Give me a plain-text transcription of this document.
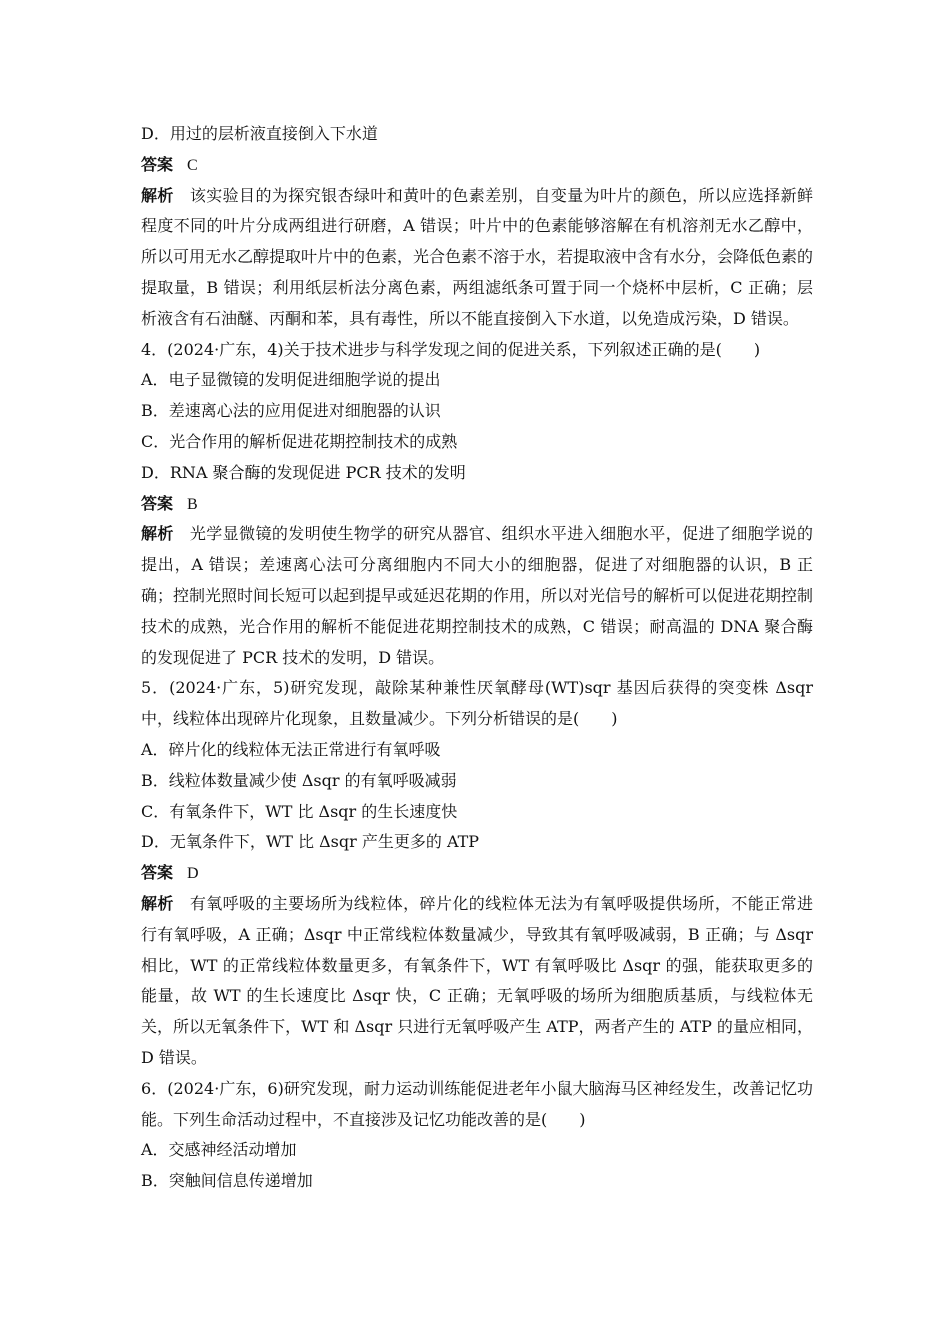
D．用过的层析液直接倒入下水道
答案 C
解析 该实验目的为探究银杏绿叶和黄叶的色素差别，自变量为叶片的颜色，所以应选择新鲜程度不同的叶片分成两组进行研磨，A 错误；叶片中的色素能够溶解在有机溶剂无水乙醇中，所以可用无水乙醇提取叶片中的色素，光合色素不溶于水，若提取液中含有水分，会降低色素的提取量，B 错误；利用纸层析法分离色素，两组滤纸条可置于同一个烧杯中层析，C 正确；层析液含有石油醚、丙酮和苯，具有毒性，所以不能直接倒入下水道，以免造成污染，D 错误。
4．(2024·广东，4)关于技术进步与科学发现之间的促进关系，下列叙述正确的是(　　)
A．电子显微镜的发明促进细胞学说的提出
B．差速离心法的应用促进对细胞器的认识
C．光合作用的解析促进花期控制技术的成熟
D．RNA 聚合酶的发现促进 PCR 技术的发明
答案 B
解析 光学显微镜的发明使生物学的研究从器官、组织水平进入细胞水平，促进了细胞学说的提出，A 错误；差速离心法可分离细胞内不同大小的细胞器，促进了对细胞器的认识，B 正确；控制光照时间长短可以起到提早或延迟花期的作用，所以对光信号的解析可以促进花期控制技术的成熟，光合作用的解析不能促进花期控制技术的成熟，C 错误；耐高温的 DNA 聚合酶的发现促进了 PCR 技术的发明，D 错误。
5．(2024·广东，5)研究发现，敲除某种兼性厌氧酵母(WT)sqr 基因后获得的突变株 Δsqr 中，线粒体出现碎片化现象，且数量减少。下列分析错误的是(　　)
A．碎片化的线粒体无法正常进行有氧呼吸
B．线粒体数量减少使 Δsqr 的有氧呼吸减弱
C．有氧条件下，WT 比 Δsqr 的生长速度快
D．无氧条件下，WT 比 Δsqr 产生更多的 ATP
答案 D
解析 有氧呼吸的主要场所为线粒体，碎片化的线粒体无法为有氧呼吸提供场所，不能正常进行有氧呼吸，A 正确；Δsqr 中正常线粒体数量减少，导致其有氧呼吸减弱，B 正确；与 Δsqr 相比，WT 的正常线粒体数量更多，有氧条件下，WT 有氧呼吸比 Δsqr 的强，能获取更多的能量，故 WT 的生长速度比 Δsqr 快，C 正确；无氧呼吸的场所为细胞质基质，与线粒体无关，所以无氧条件下，WT 和 Δsqr 只进行无氧呼吸产生 ATP，两者产生的 ATP 的量应相同，D 错误。
6．(2024·广东，6)研究发现，耐力运动训练能促进老年小鼠大脑海马区神经发生，改善记忆功能。下列生命活动过程中，不直接涉及记忆功能改善的是(　　)
A．交感神经活动增加
B．突触间信息传递增加
